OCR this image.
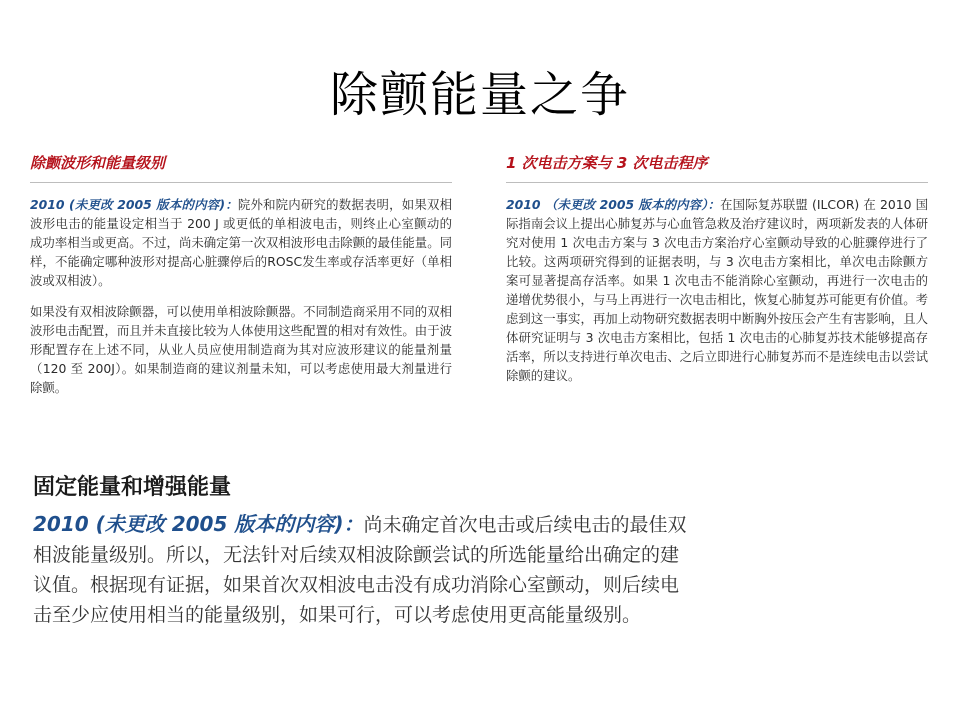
除颤能量之争
除颤波形和能量级别

2010 (未更改 2005 版本的内容)：院外和院内研究的数据表明，如果双相波形电击的能量设定相当于 200 J 或更低的单相波电击，则终止心室颤动的成功率相当或更高。不过，尚未确定第一次双相波形电击除颤的最佳能量。同样，不能确定哪种波形对提高心脏骤停后的ROSC发生率或存活率更好（单相波或双相波）。

如果没有双相波除颤器，可以使用单相波除颤器。不同制造商采用不同的双相波形电击配置，而且并未直接比较为人体使用这些配置的相对有效性。由于波形配置存在上述不同，从业人员应使用制造商为其对应波形建议的能量剂量（120 至 200J）。如果制造商的建议剂量未知，可以考虑使用最大剂量进行除颤。

1 次电击方案与 3 次电击程序

2010 （未更改 2005 版本的内容）：在国际复苏联盟 (ILCOR) 在 2010 国际指南会议上提出心肺复苏与心血管急救及治疗建议时，两项新发表的人体研究对使用 1 次电击方案与 3 次电击方案治疗心室颤动导致的心脏骤停进行了比较。这两项研究得到的证据表明，与 3 次电击方案相比，单次电击除颤方案可显著提高存活率。如果 1 次电击不能消除心室颤动，再进行一次电击的递增优势很小，与马上再进行一次电击相比，恢复心肺复苏可能更有价值。考虑到这一事实，再加上动物研究数据表明中断胸外按压会产生有害影响，且人体研究证明与 3 次电击方案相比，包括 1 次电击的心肺复苏技术能够提高存活率，所以支持进行单次电击、之后立即进行心肺复苏而不是连续电击以尝试除颤的建议。

固定能量和增强能量

2010 (未更改 2005 版本的内容)：尚未确定首次电击或后续电击的最佳双相波能量级别。所以，无法针对后续双相波除颤尝试的所选能量给出确定的建议值。根据现有证据，如果首次双相波电击没有成功消除心室颤动，则后续电击至少应使用相当的能量级别，如果可行，可以考虑使用更高能量级别。
